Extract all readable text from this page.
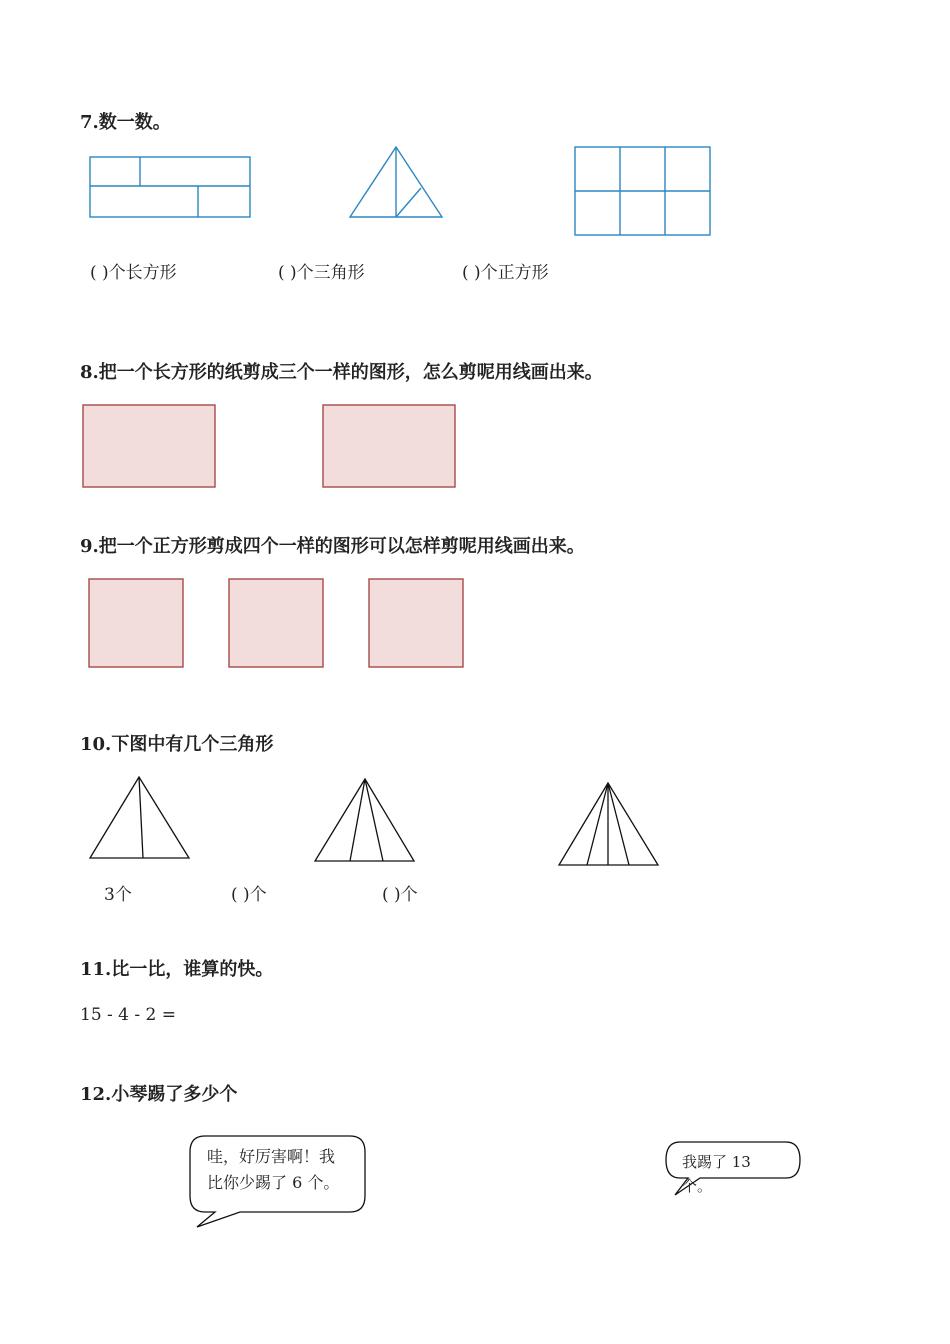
7.数一数。
( )个长方形	( )个三角形	( )个正方形
8.把一个长方形的纸剪成三个一样的图形，怎么剪呢用线画出来。
9.把一个正方形剪成四个一样的图形可以怎样剪呢用线画出来。
10.下图中有几个三角形
3个	( )个	( )个
11.比一比，谁算的快。
15 - 4 - 2 =
12.小琴踢了多少个
哇，好厉害啊！我
比你少踢了 6 个。
我踢了 13
个。
